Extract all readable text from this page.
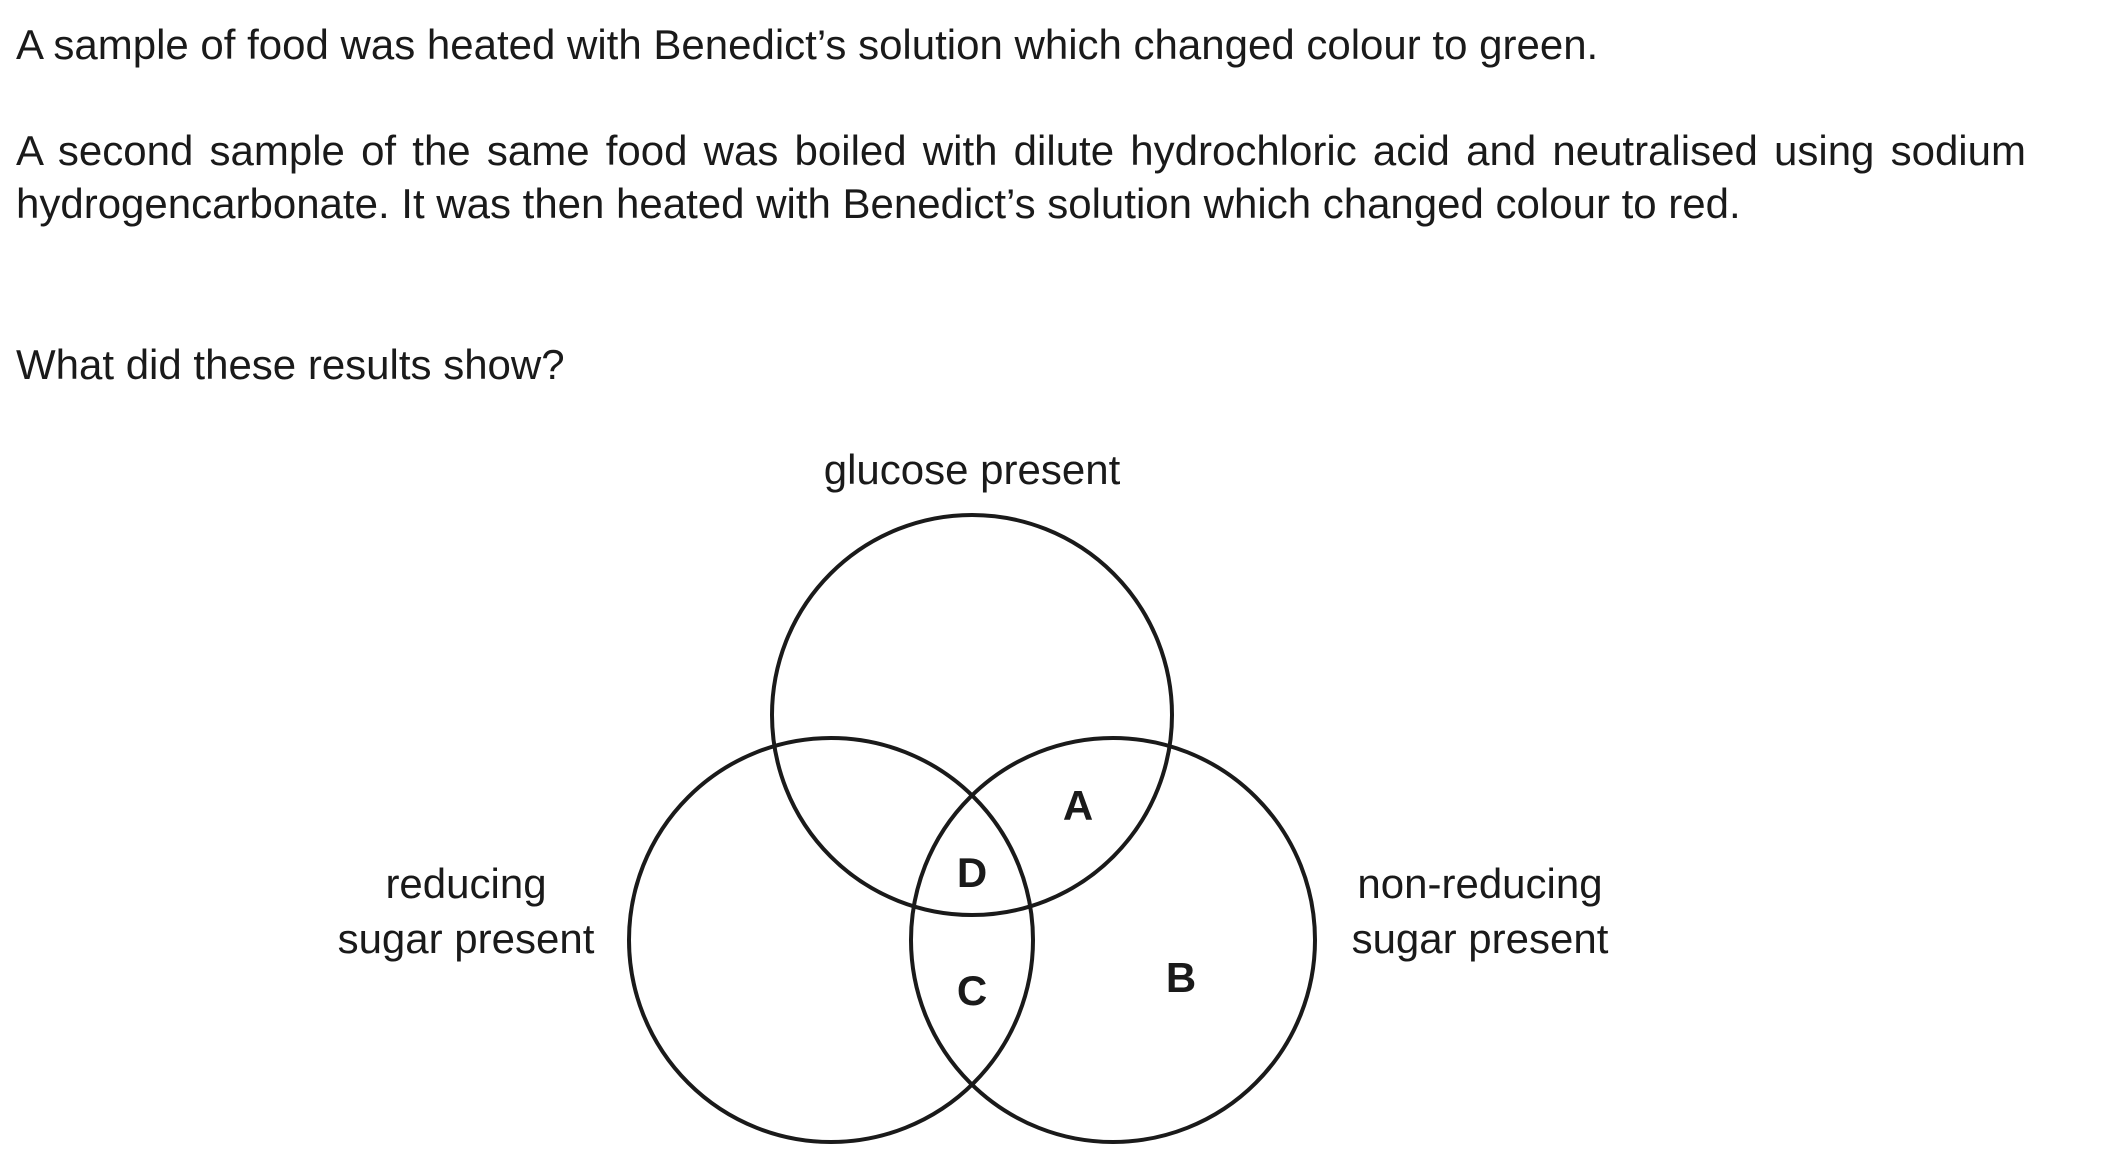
A sample of food was heated with Benedict’s solution which changed colour to green.

A second sample of the same food was boiled with dilute hydrochloric acid and neutralised using sodium hydrogencarbonate. It was then heated with Benedict’s solution which changed colour to red.

What did these results show?

glucose present
reducing
sugar present
non-reducing
sugar present
A
B
C
D
